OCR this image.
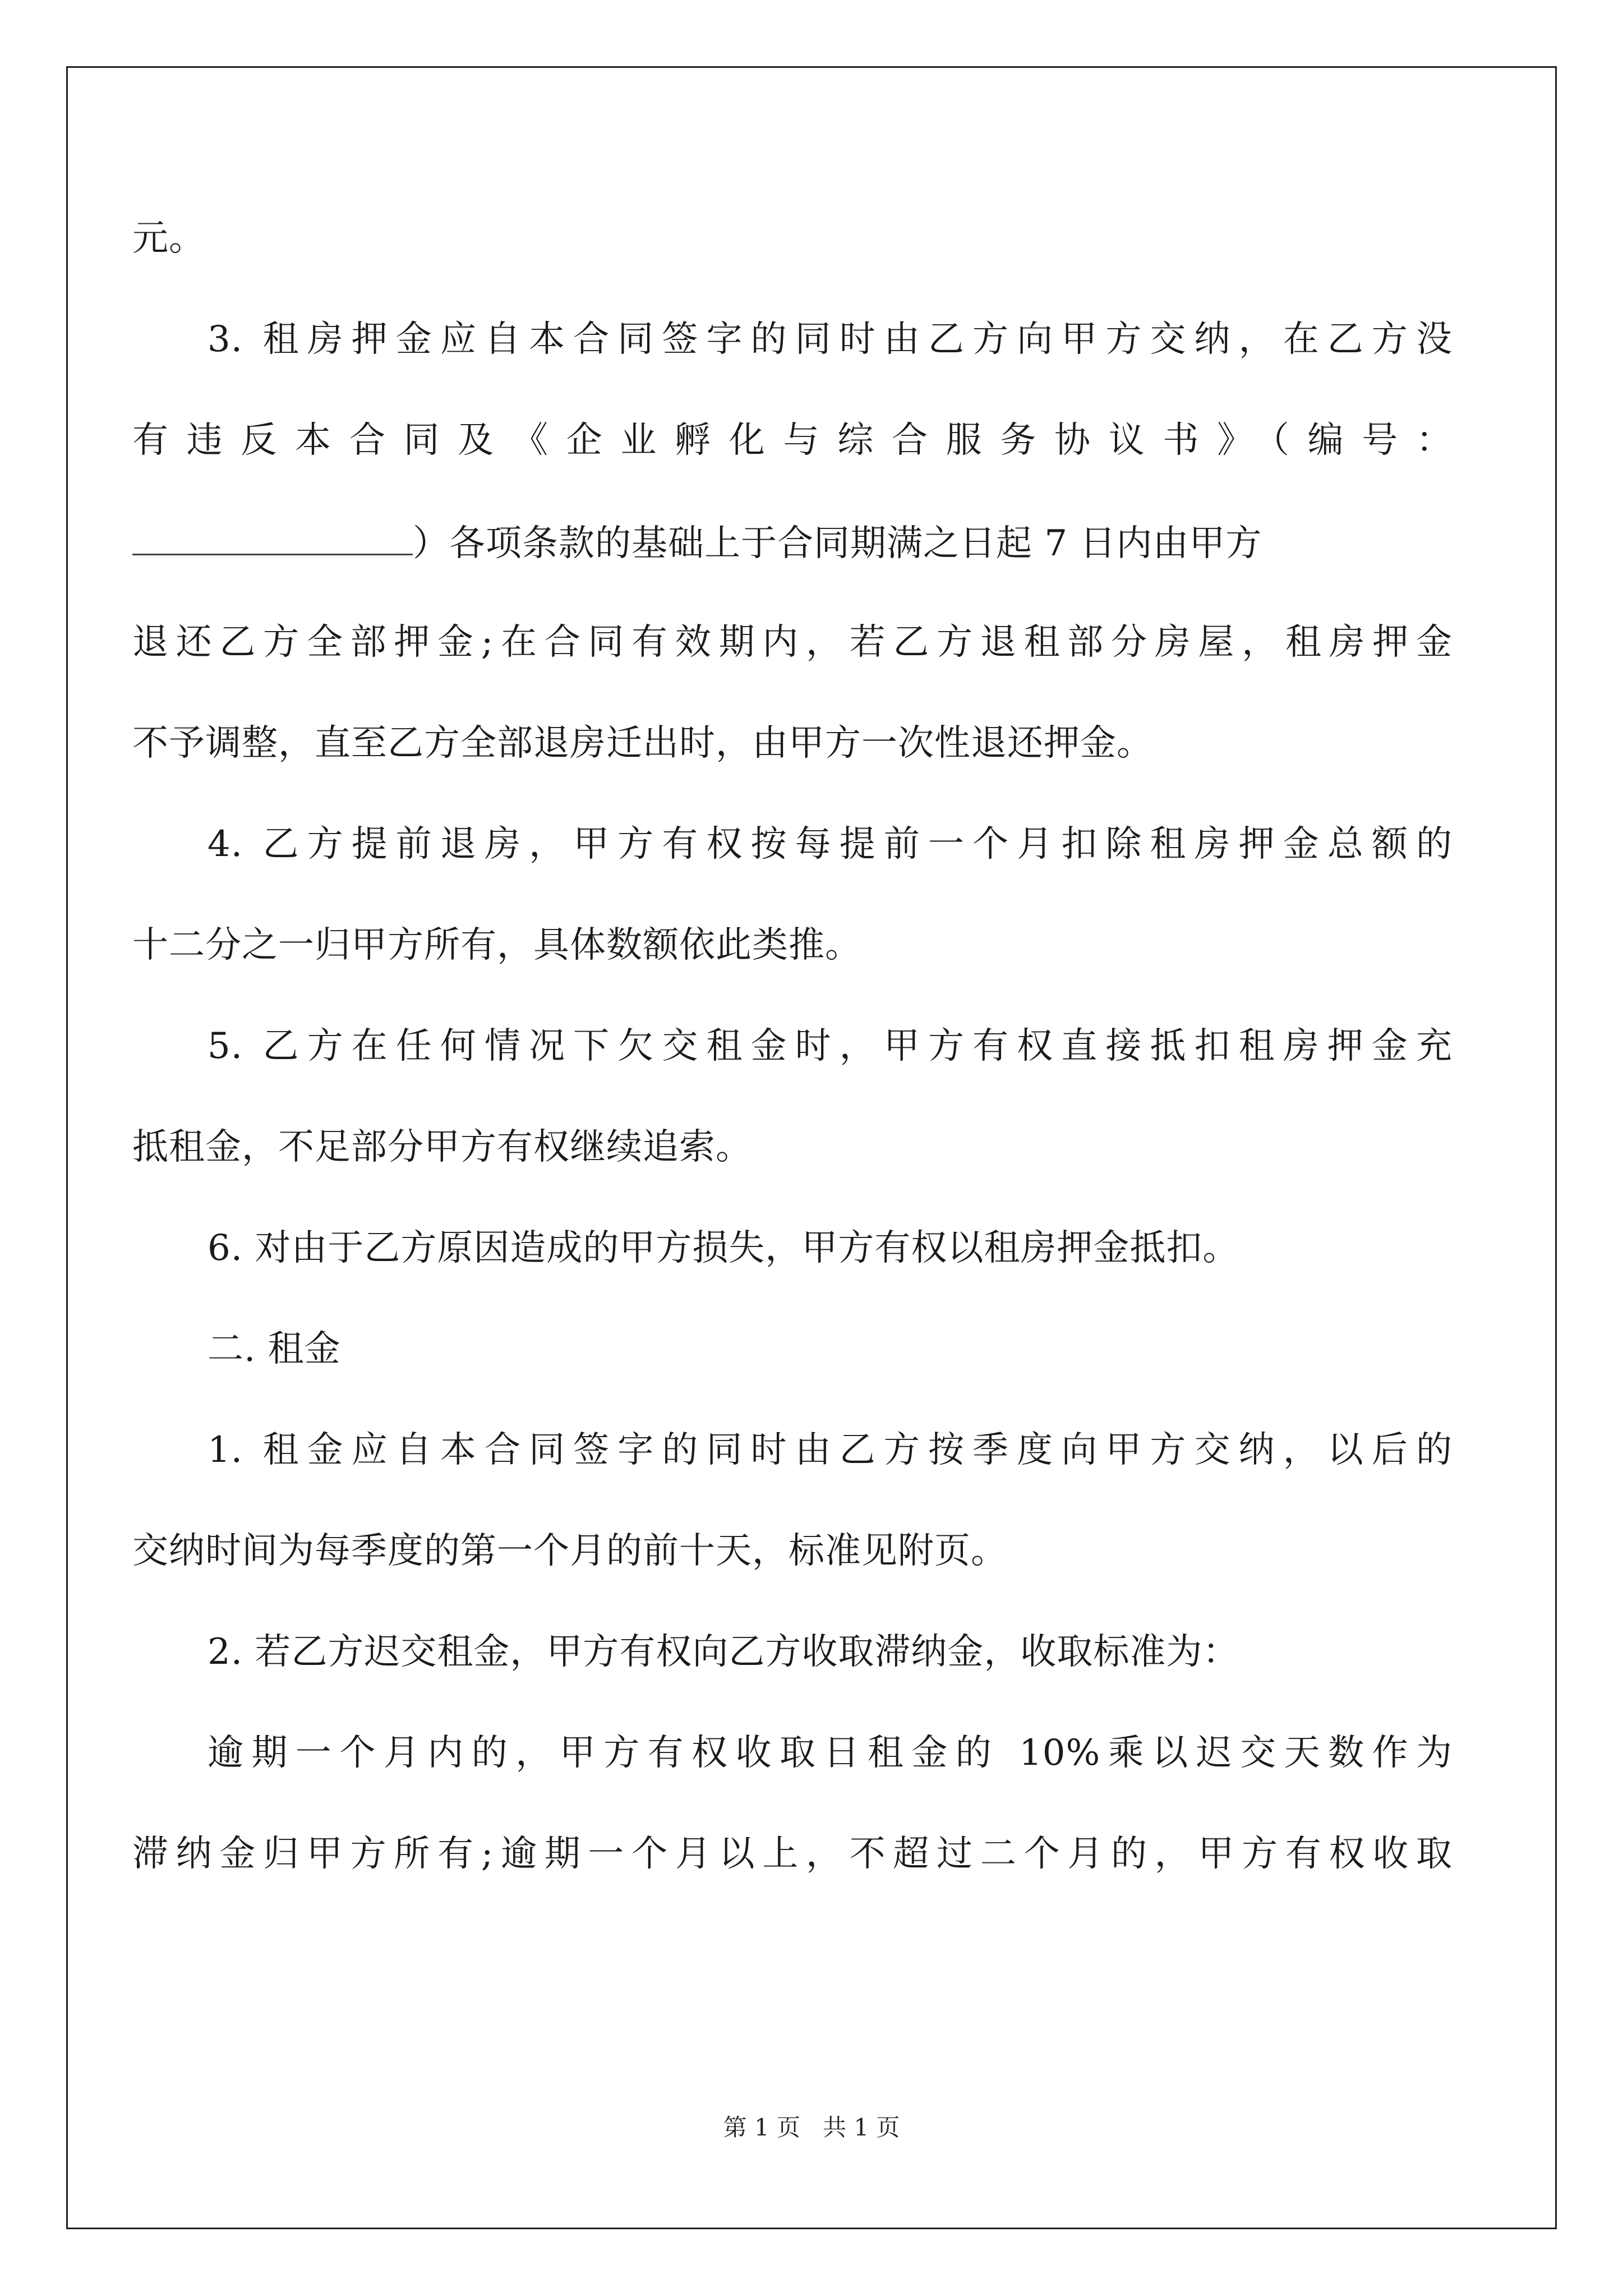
元。

3. 租房押金应自本合同签字的同时由乙方向甲方交纳，在乙方没

有违反本合同及《企业孵化与综合服务协议书》（编号：

）各项条款的基础上于合同期满之日起 7 日内由甲方

退还乙方全部押金;在合同有效期内，若乙方退租部分房屋，租房押金

不予调整，直至乙方全部退房迁出时，由甲方一次性退还押金。

4. 乙方提前退房，甲方有权按每提前一个月扣除租房押金总额的

十二分之一归甲方所有，具体数额依此类推。

5. 乙方在任何情况下欠交租金时，甲方有权直接抵扣租房押金充

抵租金，不足部分甲方有权继续追索。

6. 对由于乙方原因造成的甲方损失，甲方有权以租房押金抵扣。

二. 租金

1. 租金应自本合同签字的同时由乙方按季度向甲方交纳，以后的

交纳时间为每季度的第一个月的前十天，标准见附页。

2. 若乙方迟交租金，甲方有权向乙方收取滞纳金，收取标准为：

逾期一个月内的，甲方有权收取日租金的 10%乘以迟交天数作为

滞纳金归甲方所有;逾期一个月以上，不超过二个月的，甲方有权收取

第 1 页 共 1 页
